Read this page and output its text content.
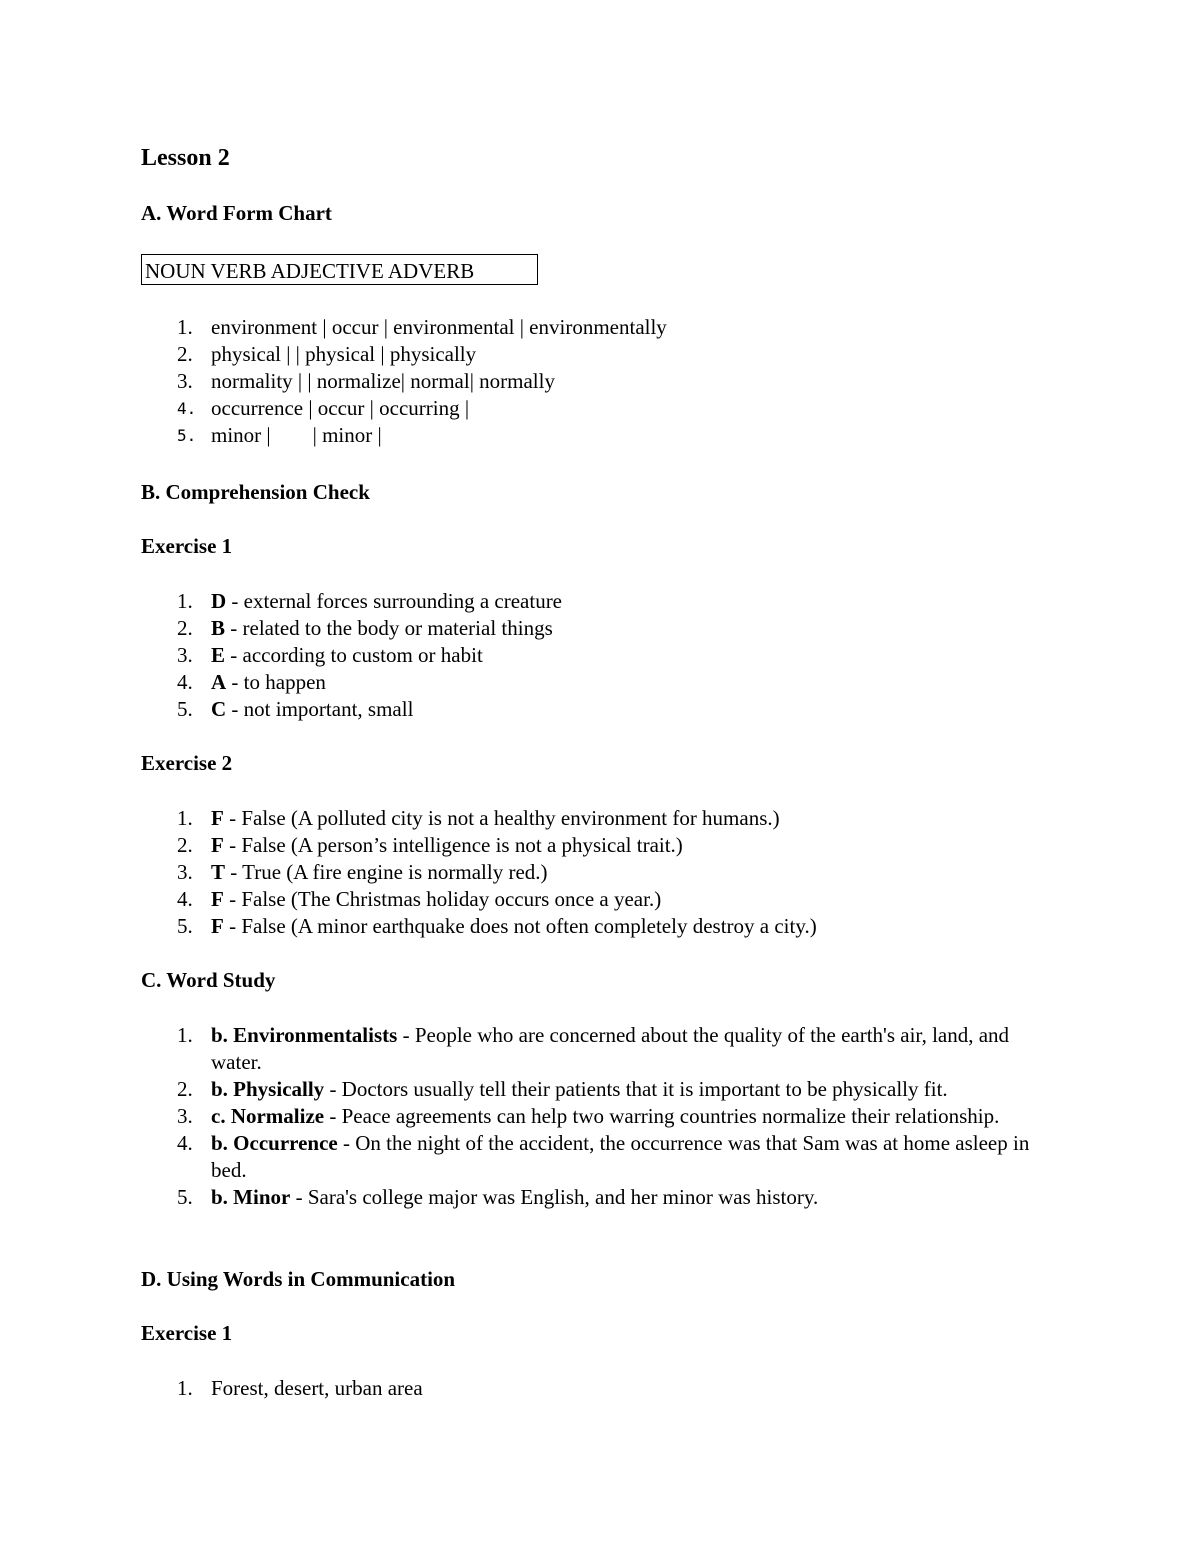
Lesson 2
A. Word Form Chart
NOUN VERB ADJECTIVE ADVERB
1. environment | occur | environmental | environmentally
2. physical | | physical | physically
3. normality | | normalize| normal| normally
4. occurrence | occur | occurring |
5. minor |        | minor |
B. Comprehension Check
Exercise 1
1. D - external forces surrounding a creature
2. B - related to the body or material things
3. E - according to custom or habit
4. A - to happen
5. C - not important, small
Exercise 2
1. F - False (A polluted city is not a healthy environment for humans.)
2. F - False (A person’s intelligence is not a physical trait.)
3. T - True (A fire engine is normally red.)
4. F - False (The Christmas holiday occurs once a year.)
5. F - False (A minor earthquake does not often completely destroy a city.)
C. Word Study
1. b. Environmentalists - People who are concerned about the quality of the earth's air, land, and water.
2. b. Physically - Doctors usually tell their patients that it is important to be physically fit.
3. c. Normalize - Peace agreements can help two warring countries normalize their relationship.
4. b. Occurrence - On the night of the accident, the occurrence was that Sam was at home asleep in bed.
5. b. Minor - Sara's college major was English, and her minor was history.
D. Using Words in Communication
Exercise 1
1. Forest, desert, urban area
